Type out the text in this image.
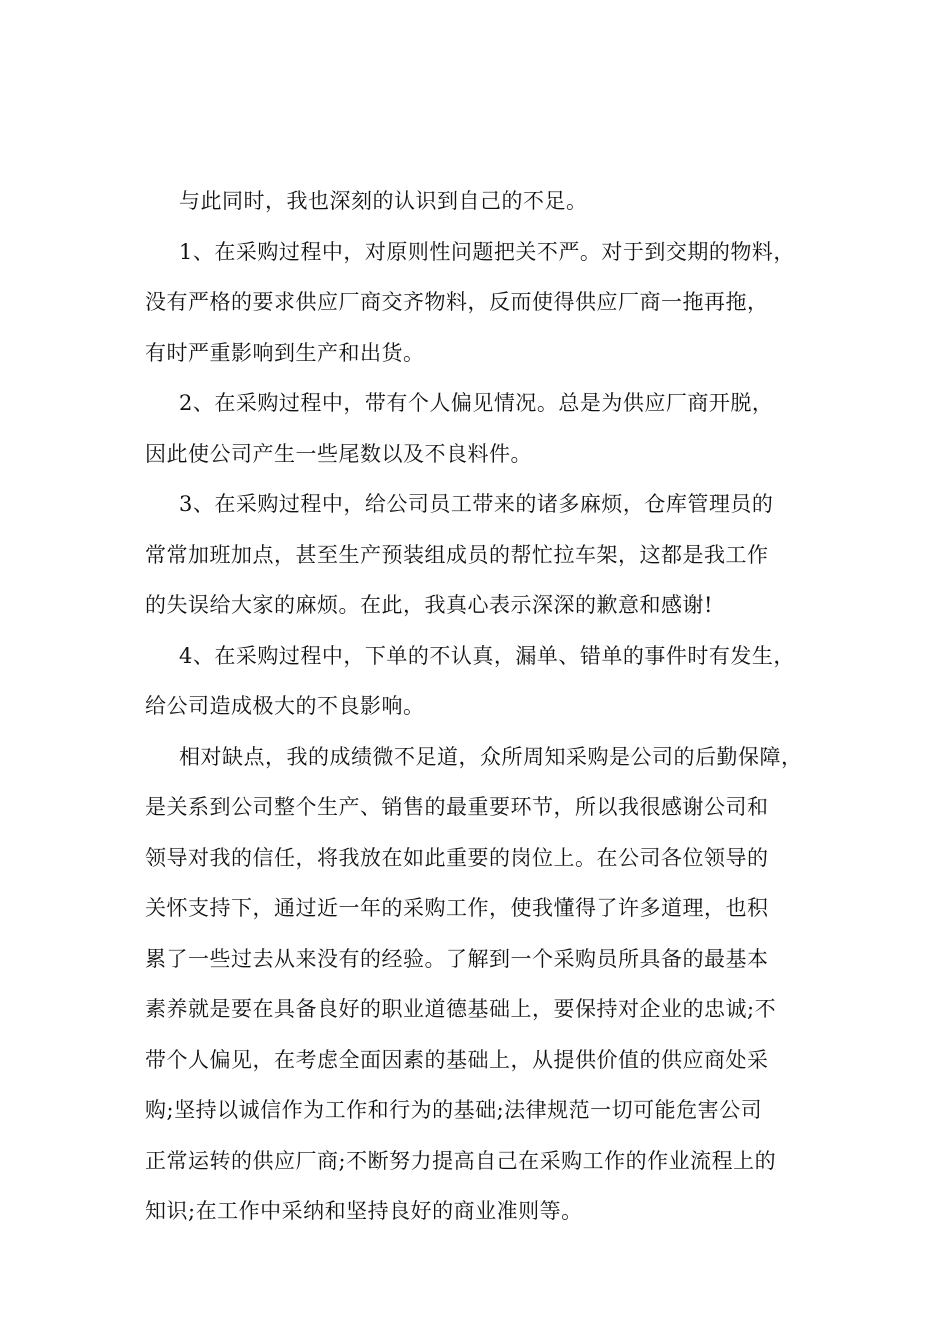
与此同时，我也深刻的认识到自己的不足。
1、在采购过程中，对原则性问题把关不严。对于到交期的物料，
没有严格的要求供应厂商交齐物料，反而使得供应厂商一拖再拖，
有时严重影响到生产和出货。
2、在采购过程中，带有个人偏见情况。总是为供应厂商开脱，
因此使公司产生一些尾数以及不良料件。
3、在采购过程中，给公司员工带来的诸多麻烦，仓库管理员的
常常加班加点，甚至生产预装组成员的帮忙拉车架，这都是我工作
的失误给大家的麻烦。在此，我真心表示深深的歉意和感谢!
4、在采购过程中，下单的不认真，漏单、错单的事件时有发生，
给公司造成极大的不良影响。
相对缺点，我的成绩微不足道，众所周知采购是公司的后勤保障，
是关系到公司整个生产、销售的最重要环节，所以我很感谢公司和
领导对我的信任，将我放在如此重要的岗位上。在公司各位领导的
关怀支持下，通过近一年的采购工作，使我懂得了许多道理，也积
累了一些过去从来没有的经验。了解到一个采购员所具备的最基本
素养就是要在具备良好的职业道德基础上，要保持对企业的忠诚;不
带个人偏见，在考虑全面因素的基础上，从提供价值的供应商处采
购;坚持以诚信作为工作和行为的基础;法律规范一切可能危害公司
正常运转的供应厂商;不断努力提高自己在采购工作的作业流程上的
知识;在工作中采纳和坚持良好的商业准则等。
